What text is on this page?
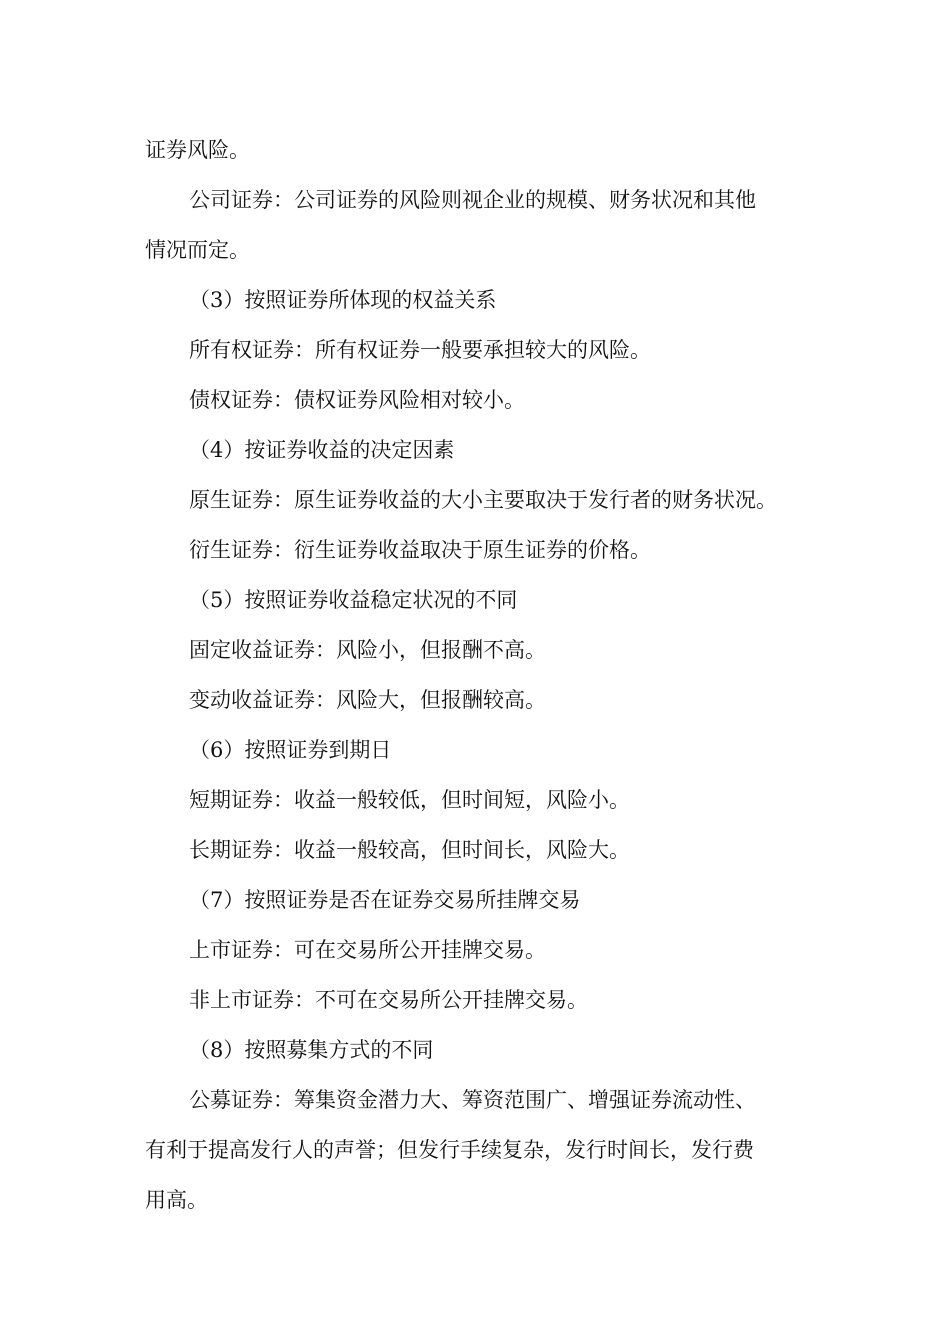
证券风险。
公司证券：公司证券的风险则视企业的规模、财务状况和其他
情况而定。
（3）按照证券所体现的权益关系
所有权证券：所有权证券一般要承担较大的风险。
债权证券：债权证券风险相对较小。
（4）按证券收益的决定因素
原生证券：原生证券收益的大小主要取决于发行者的财务状况。
衍生证券：衍生证券收益取决于原生证券的价格。
（5）按照证券收益稳定状况的不同
固定收益证券：风险小，但报酬不高。
变动收益证券：风险大，但报酬较高。
（6）按照证券到期日
短期证券：收益一般较低，但时间短，风险小。
长期证券：收益一般较高，但时间长，风险大。
（7）按照证券是否在证券交易所挂牌交易
上市证券：可在交易所公开挂牌交易。
非上市证券：不可在交易所公开挂牌交易。
（8）按照募集方式的不同
公募证券：筹集资金潜力大、筹资范围广、增强证券流动性、
有利于提高发行人的声誉；但发行手续复杂，发行时间长，发行费
用高。
